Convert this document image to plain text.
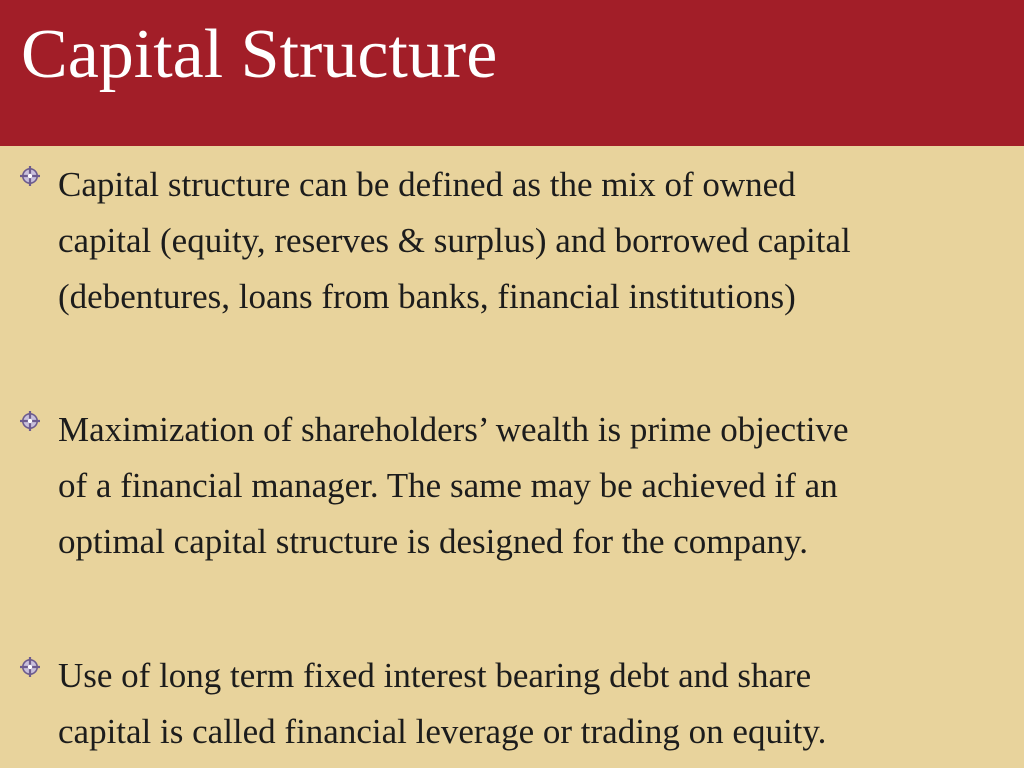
Capital Structure
Capital structure can be defined as the mix of owned
capital (equity, reserves & surplus) and borrowed capital
(debentures, loans from banks, financial institutions)
Maximization of shareholders’ wealth is prime objective
of a financial manager. The same may be achieved if an
optimal capital structure is designed for the company.
Use of long term fixed interest bearing debt and share
capital is called financial leverage or trading on equity.
